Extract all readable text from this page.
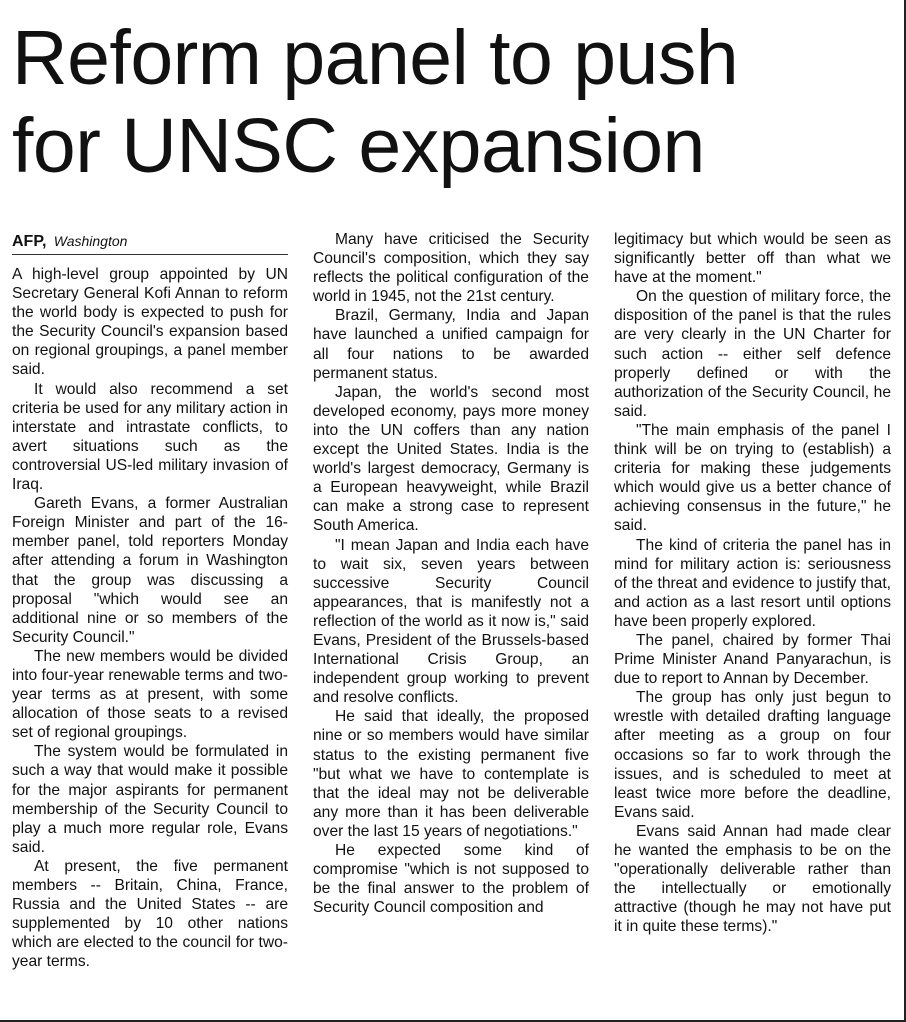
Reform panel to push
for UNSC expansion
AFP, Washington

A high-level group appointed by UN Secretary General Kofi Annan to reform the world body is expected to push for the Security Council's expansion based on regional groupings, a panel member said.

It would also recommend a set criteria be used for any military action in interstate and intrastate conflicts, to avert situations such as the controversial US-led military invasion of Iraq.

Gareth Evans, a former Australian Foreign Minister and part of the 16-member panel, told reporters Monday after attending a forum in Washington that the group was discussing a proposal "which would see an additional nine or so members of the Security Council."

The new members would be divided into four-year renewable terms and two-year terms as at present, with some allocation of those seats to a revised set of regional groupings.

The system would be formulated in such a way that would make it possible for the major aspirants for permanent membership of the Security Council to play a much more regular role, Evans said.

At present, the five permanent members -- Britain, China, France, Russia and the United States -- are supplemented by 10 other nations which are elected to the council for two-year terms.

Many have criticised the Security Council's composition, which they say reflects the political configuration of the world in 1945, not the 21st century.

Brazil, Germany, India and Japan have launched a unified campaign for all four nations to be awarded permanent status.

Japan, the world's second most developed economy, pays more money into the UN coffers than any nation except the United States. India is the world's largest democracy, Germany is a European heavyweight, while Brazil can make a strong case to represent South America.

"I mean Japan and India each have to wait six, seven years between successive Security Council appearances, that is manifestly not a reflection of the world as it now is," said Evans, President of the Brussels-based International Crisis Group, an independent group working to prevent and resolve conflicts.

He said that ideally, the proposed nine or so members would have similar status to the existing permanent five "but what we have to contemplate is that the ideal may not be deliverable any more than it has been deliverable over the last 15 years of negotiations."

He expected some kind of compromise "which is not supposed to be the final answer to the problem of Security Council composition and

legitimacy but which would be seen as significantly better off than what we have at the moment."

On the question of military force, the disposition of the panel is that the rules are very clearly in the UN Charter for such action -- either self defence properly defined or with the authorization of the Security Council, he said.

"The main emphasis of the panel I think will be on trying to (establish) a criteria for making these judgements which would give us a better chance of achieving consensus in the future," he said.

The kind of criteria the panel has in mind for military action is: seriousness of the threat and evidence to justify that, and action as a last resort until options have been properly explored.

The panel, chaired by former Thai Prime Minister Anand Panyarachun, is due to report to Annan by December.

The group has only just begun to wrestle with detailed drafting language after meeting as a group on four occasions so far to work through the issues, and is scheduled to meet at least twice more before the deadline, Evans said.

Evans said Annan had made clear he wanted the emphasis to be on the "operationally deliverable rather than the intellectually or emotionally attractive (though he may not have put it in quite these terms)."
